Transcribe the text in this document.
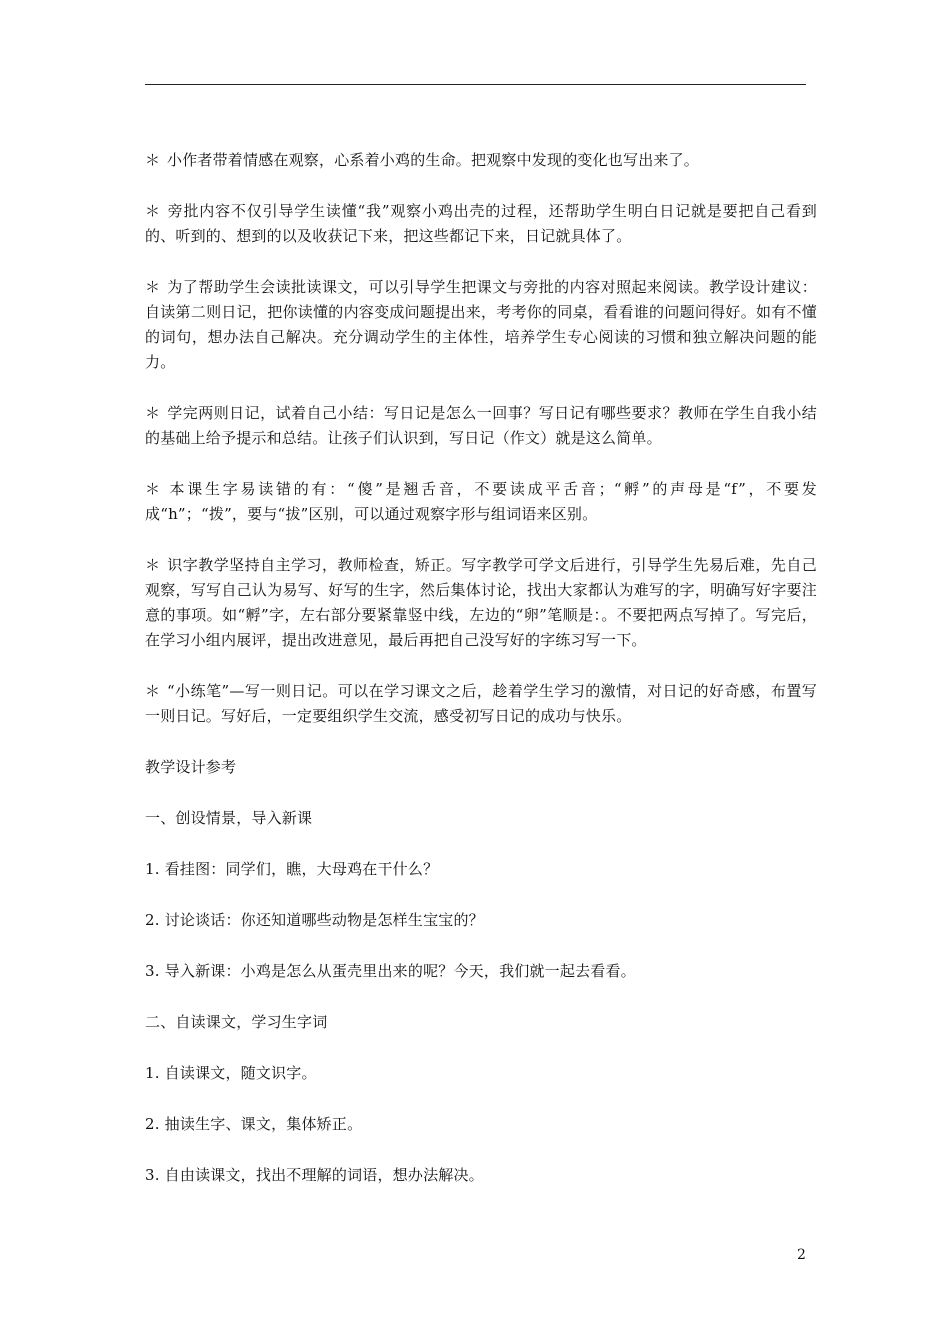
＊ 小作者带着情感在观察，心系着小鸡的生命。把观察中发现的变化也写出来了。

＊ 旁批内容不仅引导学生读懂“我”观察小鸡出壳的过程，还帮助学生明白日记就是要把自己看到的、听到的、想到的以及收获记下来，把这些都记下来，日记就具体了。

＊ 为了帮助学生会读批读课文，可以引导学生把课文与旁批的内容对照起来阅读。教学设计建议：自读第二则日记，把你读懂的内容变成问题提出来，考考你的同桌，看看谁的问题问得好。如有不懂的词句，想办法自己解决。充分调动学生的主体性，培养学生专心阅读的习惯和独立解决问题的能力。

＊ 学完两则日记，试着自己小结：写日记是怎么一回事？写日记有哪些要求？教师在学生自我小结的基础上给予提示和总结。让孩子们认识到，写日记（作文）就是这么简单。

＊ 本课生字易读错的有：“傻”是翘舌音，不要读成平舌音；“孵”的声母是“f”，不要发成“h”；“拨”，要与“拔”区别，可以通过观察字形与组词语来区别。

＊ 识字教学坚持自主学习，教师检查，矫正。写字教学可学文后进行，引导学生先易后难，先自己观察，写写自己认为易写、好写的生字，然后集体讨论，找出大家都认为难写的字，明确写好字要注意的事项。如“孵”字，左右部分要紧靠竖中线，左边的“卵”笔顺是：。不要把两点写掉了。写完后，在学习小组内展评，提出改进意见，最后再把自己没写好的字练习写一下。

＊ “小练笔”—写一则日记。可以在学习课文之后，趁着学生学习的激情，对日记的好奇感，布置写一则日记。写好后，一定要组织学生交流，感受初写日记的成功与快乐。

教学设计参考

一、创设情景，导入新课

1. 看挂图：同学们，瞧，大母鸡在干什么？

2. 讨论谈话：你还知道哪些动物是怎样生宝宝的？

3. 导入新课：小鸡是怎么从蛋壳里出来的呢？今天，我们就一起去看看。

二、自读课文，学习生字词

1. 自读课文，随文识字。

2. 抽读生字、课文，集体矫正。

3. 自由读课文，找出不理解的词语，想办法解决。

2
